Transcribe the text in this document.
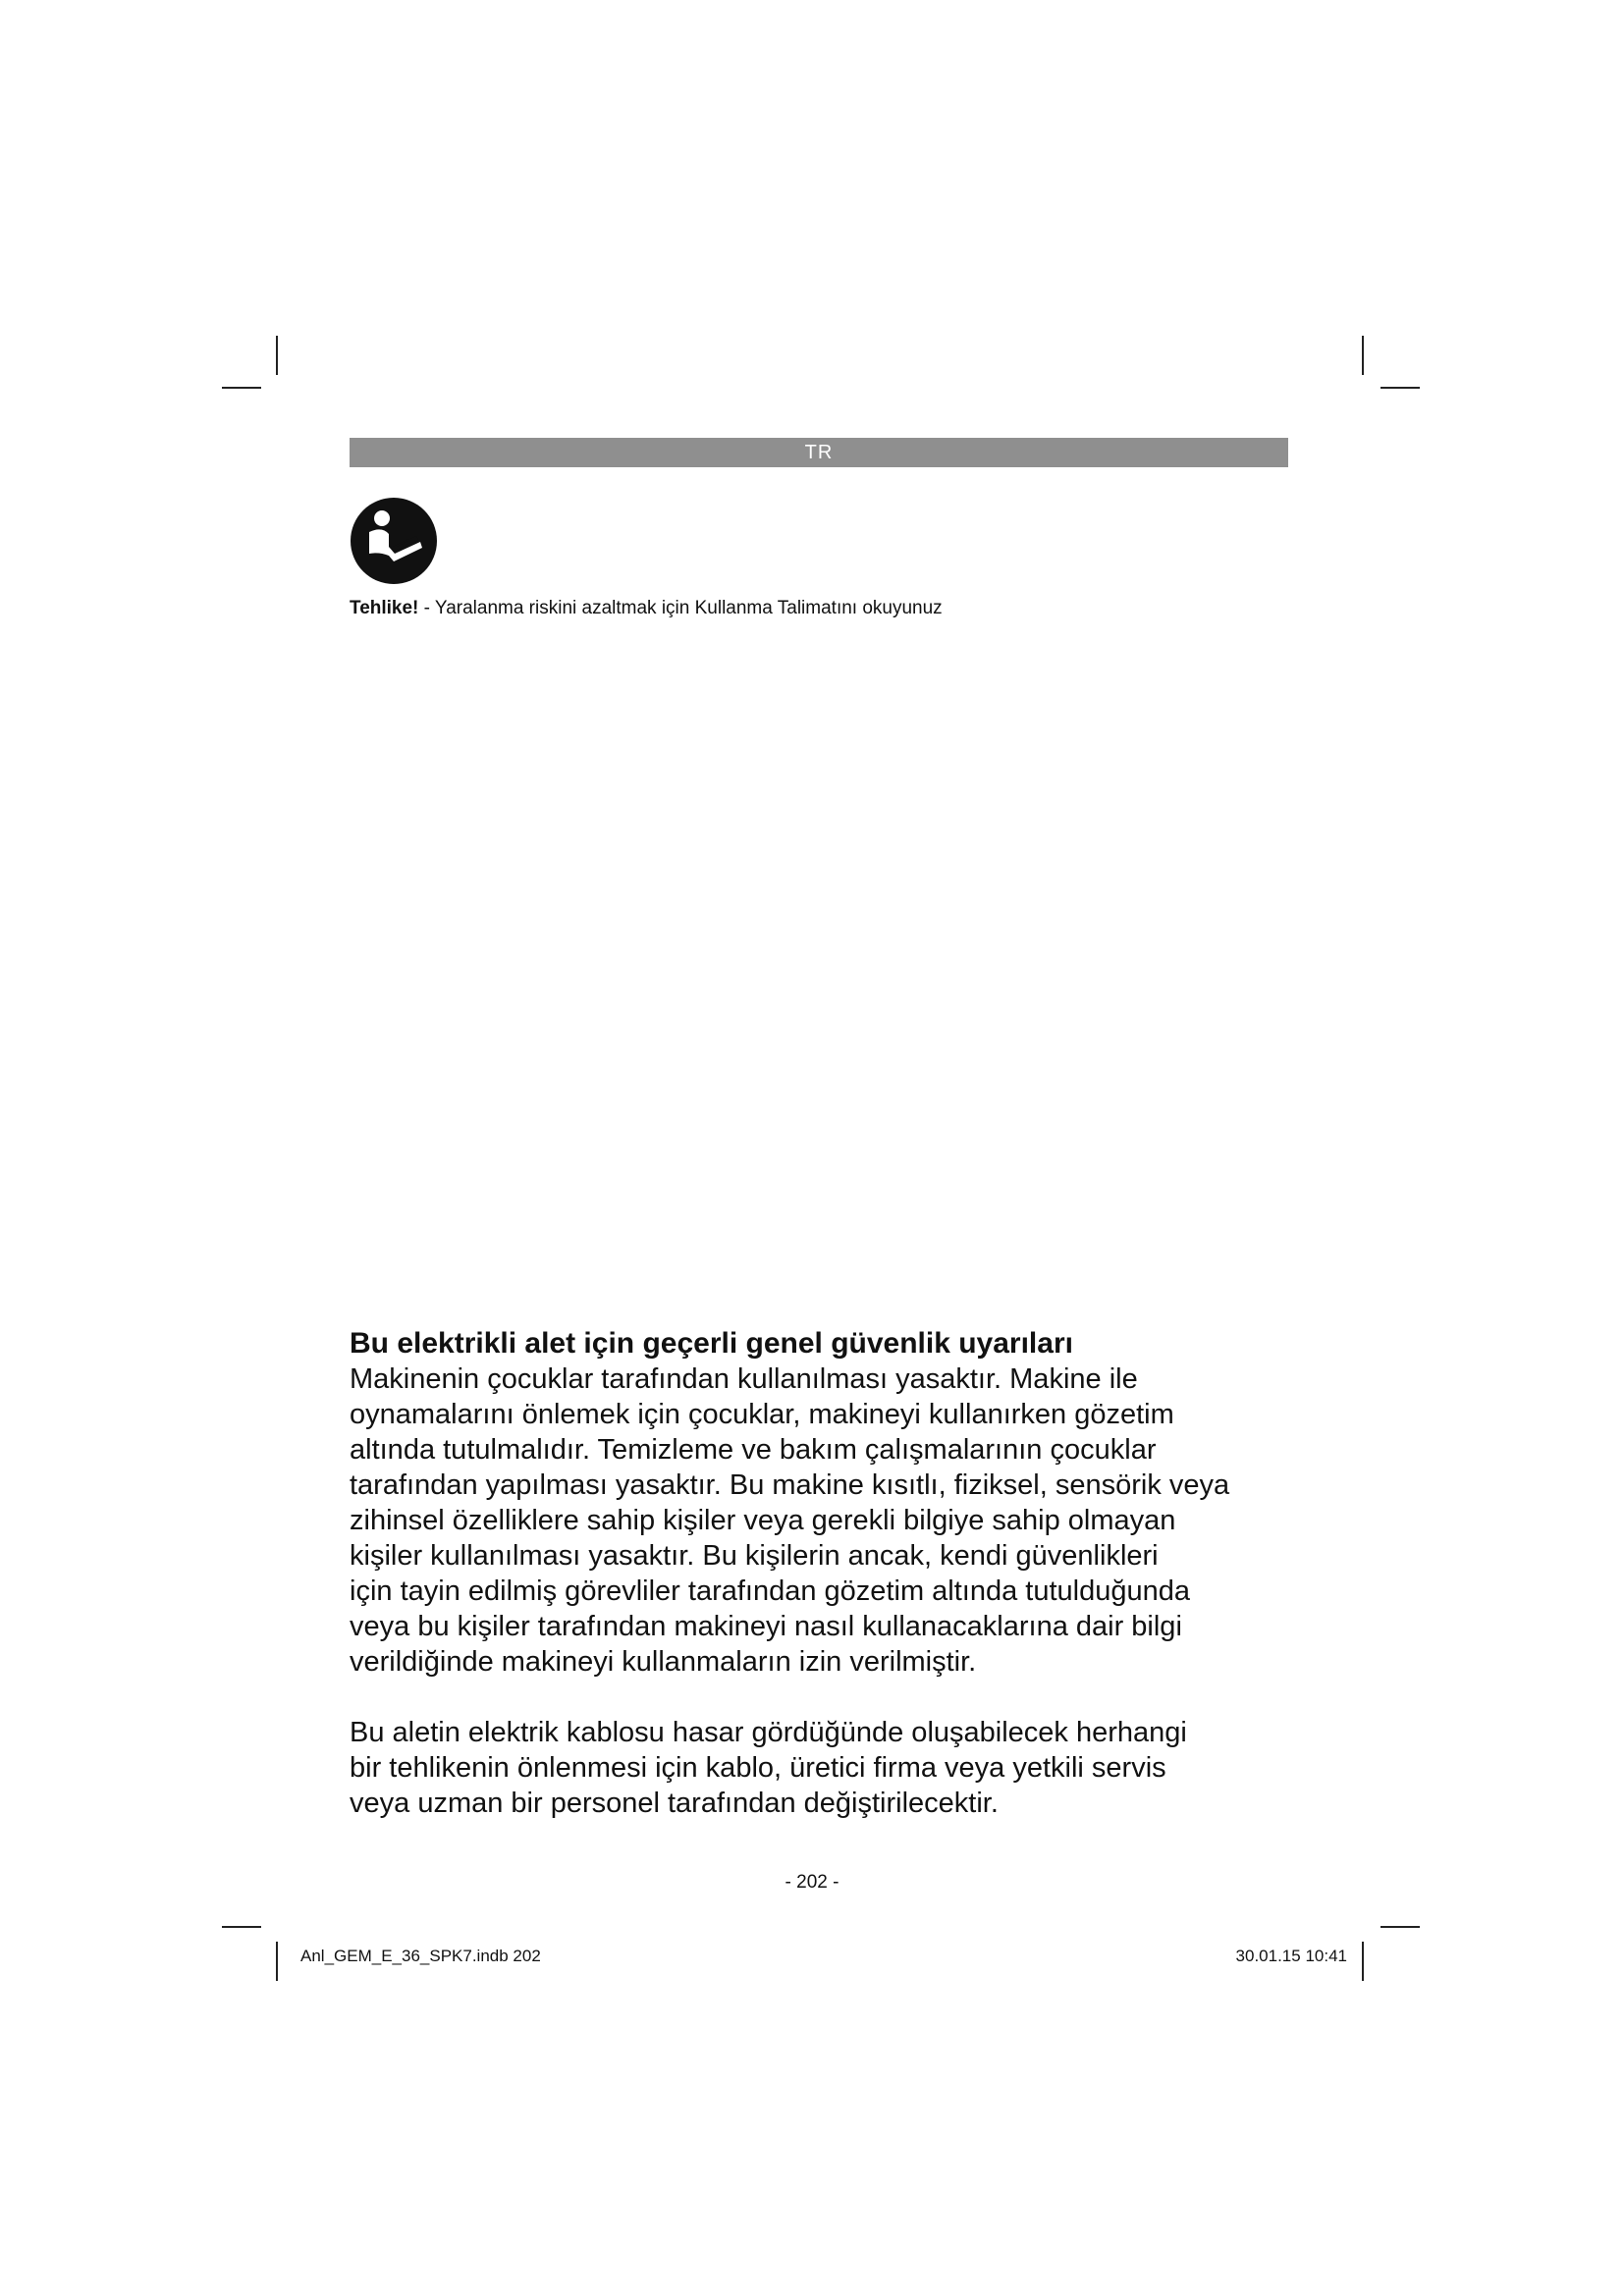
TR
Tehlike! - Yaralanma riskini azaltmak için Kullanma Talimatını okuyunuz
Bu elektrikli alet için geçerli genel güvenlik uyarıları

Makinenin çocuklar tarafından kullanılması yasaktır. Makine ile
oynamalarını önlemek için çocuklar, makineyi kullanırken gözetim
altında tutulmalıdır. Temizleme ve bakım çalışmalarının çocuklar
tarafından yapılması yasaktır. Bu makine kısıtlı, fiziksel, sensörik veya
zihinsel özelliklere sahip kişiler veya gerekli bilgiye sahip olmayan
kişiler kullanılması yasaktır. Bu kişilerin ancak, kendi güvenlikleri
için tayin edilmiş görevliler tarafından gözetim altında tutulduğunda
veya bu kişiler tarafından makineyi nasıl kullanacaklarına dair bilgi
verildiğinde makineyi kullanmaların izin verilmiştir.

Bu aletin elektrik kablosu hasar gördüğünde oluşabilecek herhangi
bir tehlikenin önlenmesi için kablo, üretici firma veya yetkili servis
veya uzman bir personel tarafından değiştirilecektir.

- 202 -
Anl_GEM_E_36_SPK7.indb 202	30.01.15 10:41
